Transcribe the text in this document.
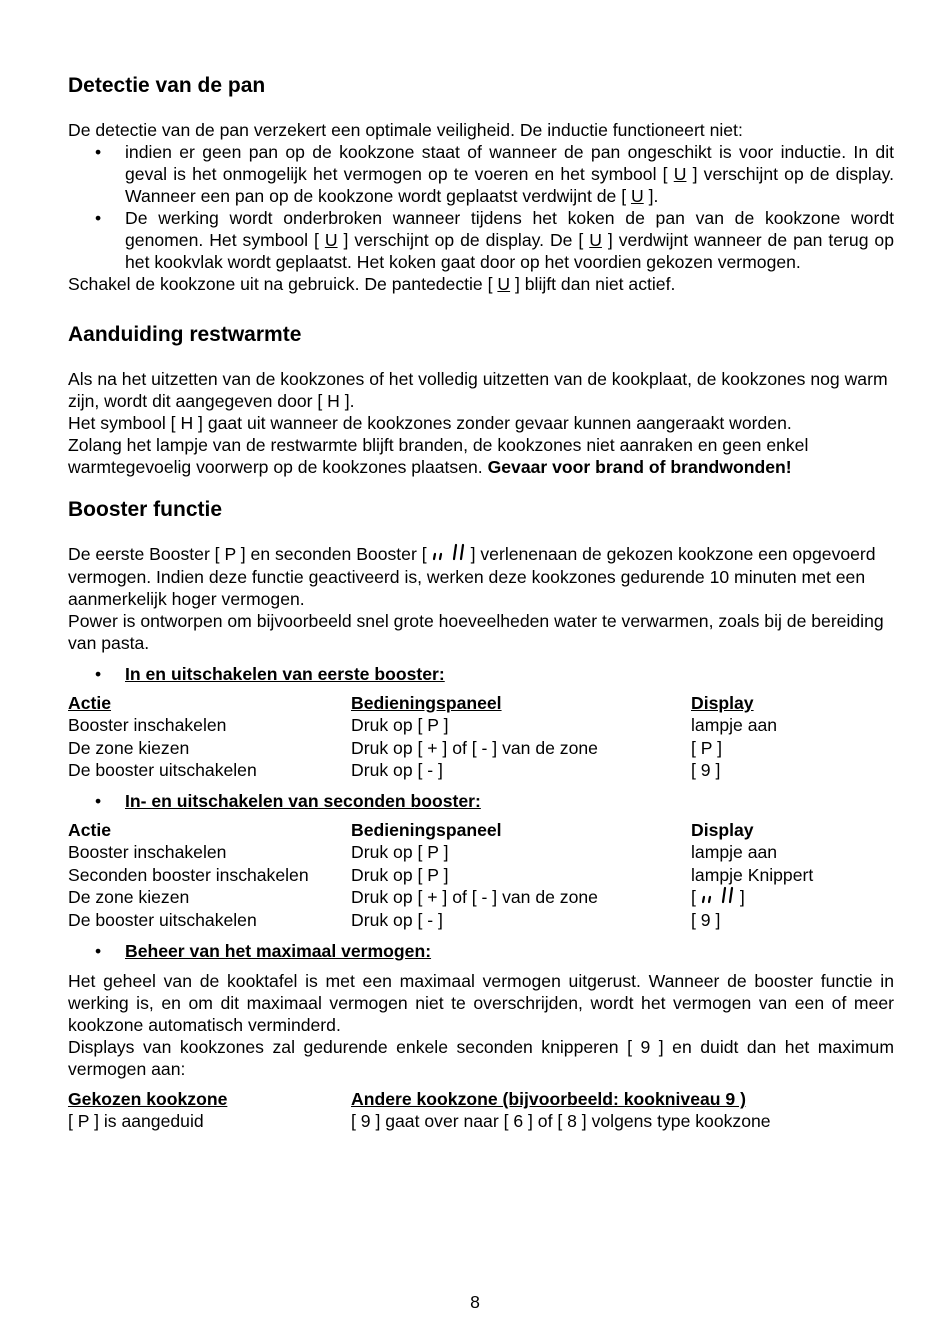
Detectie van de pan

De detectie van de pan verzekert een optimale veiligheid. De inductie functioneert niet:

• indien er geen pan op de kookzone staat of wanneer de pan ongeschikt is voor inductie. In dit geval is het onmogelijk het vermogen op te voeren en het symbool [ U ] verschijnt op de display. Wanneer een pan op de kookzone wordt geplaatst verdwijnt de [ U ].
• De werking wordt onderbroken wanneer tijdens het koken de pan van de kookzone wordt genomen. Het symbool [ U ] verschijnt op de display. De [ U ] verdwijnt wanneer de pan terug op het kookvlak wordt geplaatst. Het koken gaat door op het voordien gekozen vermogen.

Schakel de kookzone uit na gebruick. De pantedectie [ U ] blijft dan niet actief.

Aanduiding restwarmte

Als na het uitzetten van de kookzones of het volledig uitzetten van de kookplaat, de kookzones nog warm zijn, wordt dit aangegeven door [ H ].

Het symbool [ H ] gaat uit wanneer de kookzones zonder gevaar kunnen aangeraakt worden.

Zolang het lampje van de restwarmte blijft branden, de kookzones niet aanraken en geen enkel warmtegevoelig voorwerp op de kookzones plaatsen. Gevaar voor brand of brandwonden!

Booster functie

De eerste Booster [ P ] en seconden Booster [	] verlenenaan de gekozen kookzone een opgevoerd vermogen. Indien deze functie geactiveerd is, werken deze kookzones gedurende 10 minuten met een aanmerkelijk hoger vermogen.

Power is ontworpen om bijvoorbeeld snel grote hoeveelheden water te verwarmen, zoals bij de bereiding van pasta.

• In en uitschakelen van eerste booster:
Actie	Bedieningspaneel	Display
Booster inschakelen	Druk op [ P ]	lampje aan
De zone kiezen	Druk op [ + ] of [ - ] van de zone	[ P ]
De booster uitschakelen	Druk op [ - ]	[ 9 ]
• In- en uitschakelen van seconden booster:
Actie	Bedieningspaneel	Display
Booster inschakelen	Druk op [ P ]	lampje aan
Seconden booster inschakelen	Druk op [ P ]	lampje Knippert
De zone kiezen	Druk op [ + ] of [ - ] van de zone	[ ]
De booster uitschakelen	Druk op [ - ]	[ 9 ]
• Beheer van het maximaal vermogen:

Het geheel van de kooktafel is met een maximaal vermogen uitgerust. Wanneer de booster functie in werking is, en om dit maximaal vermogen niet te overschrijden, wordt het vermogen van een of meer kookzone automatisch verminderd.

Displays van kookzones zal gedurende enkele seconden knipperen [ 9 ] en duidt dan het maximum vermogen aan:

Gekozen kookzone	Andere kookzone (bijvoorbeeld: kookniveau 9 )
[ P ] is aangeduid	[ 9 ] gaat over naar [ 6 ] of [ 8 ] volgens type kookzone
8
